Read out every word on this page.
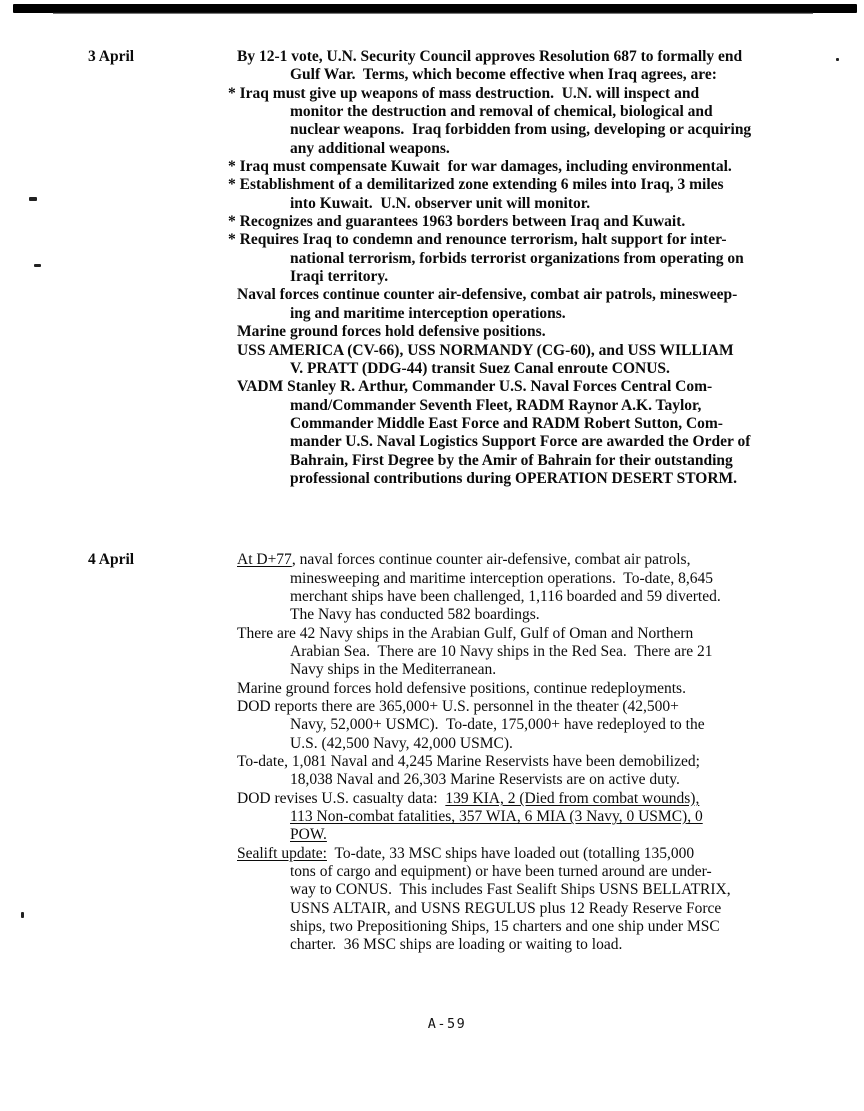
3 April	By 12-1 vote, U.N. Security Council approves Resolution 687 to formally end
Gulf War.  Terms, which become effective when Iraq agrees, are:
* Iraq must give up weapons of mass destruction.  U.N. will inspect and
monitor the destruction and removal of chemical, biological and
nuclear weapons.  Iraq forbidden from using, developing or acquiring
any additional weapons.
* Iraq must compensate Kuwait  for war damages, including environmental.
* Establishment of a demilitarized zone extending 6 miles into Iraq, 3 miles
into Kuwait.  U.N. observer unit will monitor.
* Recognizes and guarantees 1963 borders between Iraq and Kuwait.
* Requires Iraq to condemn and renounce terrorism, halt support for inter-
national terrorism, forbids terrorist organizations from operating on
Iraqi territory.
Naval forces continue counter air-defensive, combat air patrols, minesweep-
ing and maritime interception operations.
Marine ground forces hold defensive positions.
USS AMERICA (CV-66), USS NORMANDY (CG-60), and USS WILLIAM
V. PRATT (DDG-44) transit Suez Canal enroute CONUS.
VADM Stanley R. Arthur, Commander U.S. Naval Forces Central Com-
mand/Commander Seventh Fleet, RADM Raynor A.K. Taylor,
Commander Middle East Force and RADM Robert Sutton, Com-
mander U.S. Naval Logistics Support Force are awarded the Order of
Bahrain, First Degree by the Amir of Bahrain for their outstanding
professional contributions during OPERATION DESERT STORM.
4 April	At D+77, naval forces continue counter air-defensive, combat air patrols,
minesweeping and maritime interception operations.  To-date, 8,645
merchant ships have been challenged, 1,116 boarded and 59 diverted.
The Navy has conducted 582 boardings.
There are 42 Navy ships in the Arabian Gulf, Gulf of Oman and Northern
Arabian Sea.  There are 10 Navy ships in the Red Sea.  There are 21
Navy ships in the Mediterranean.
Marine ground forces hold defensive positions, continue redeployments.
DOD reports there are 365,000+ U.S. personnel in the theater (42,500+
Navy, 52,000+ USMC).  To-date, 175,000+ have redeployed to the
U.S. (42,500 Navy, 42,000 USMC).
To-date, 1,081 Naval and 4,245 Marine Reservists have been demobilized;
18,038 Naval and 26,303 Marine Reservists are on active duty.
DOD revises U.S. casualty data:  139 KIA, 2 (Died from combat wounds),
113 Non-combat fatalities, 357 WIA, 6 MIA (3 Navy, 0 USMC), 0
POW.
Sealift update:  To-date, 33 MSC ships have loaded out (totalling 135,000
tons of cargo and equipment) or have been turned around are under-
way to CONUS.  This includes Fast Sealift Ships USNS BELLATRIX,
USNS ALTAIR, and USNS REGULUS plus 12 Ready Reserve Force
ships, two Prepositioning Ships, 15 charters and one ship under MSC
charter.  36 MSC ships are loading or waiting to load.
A-59
